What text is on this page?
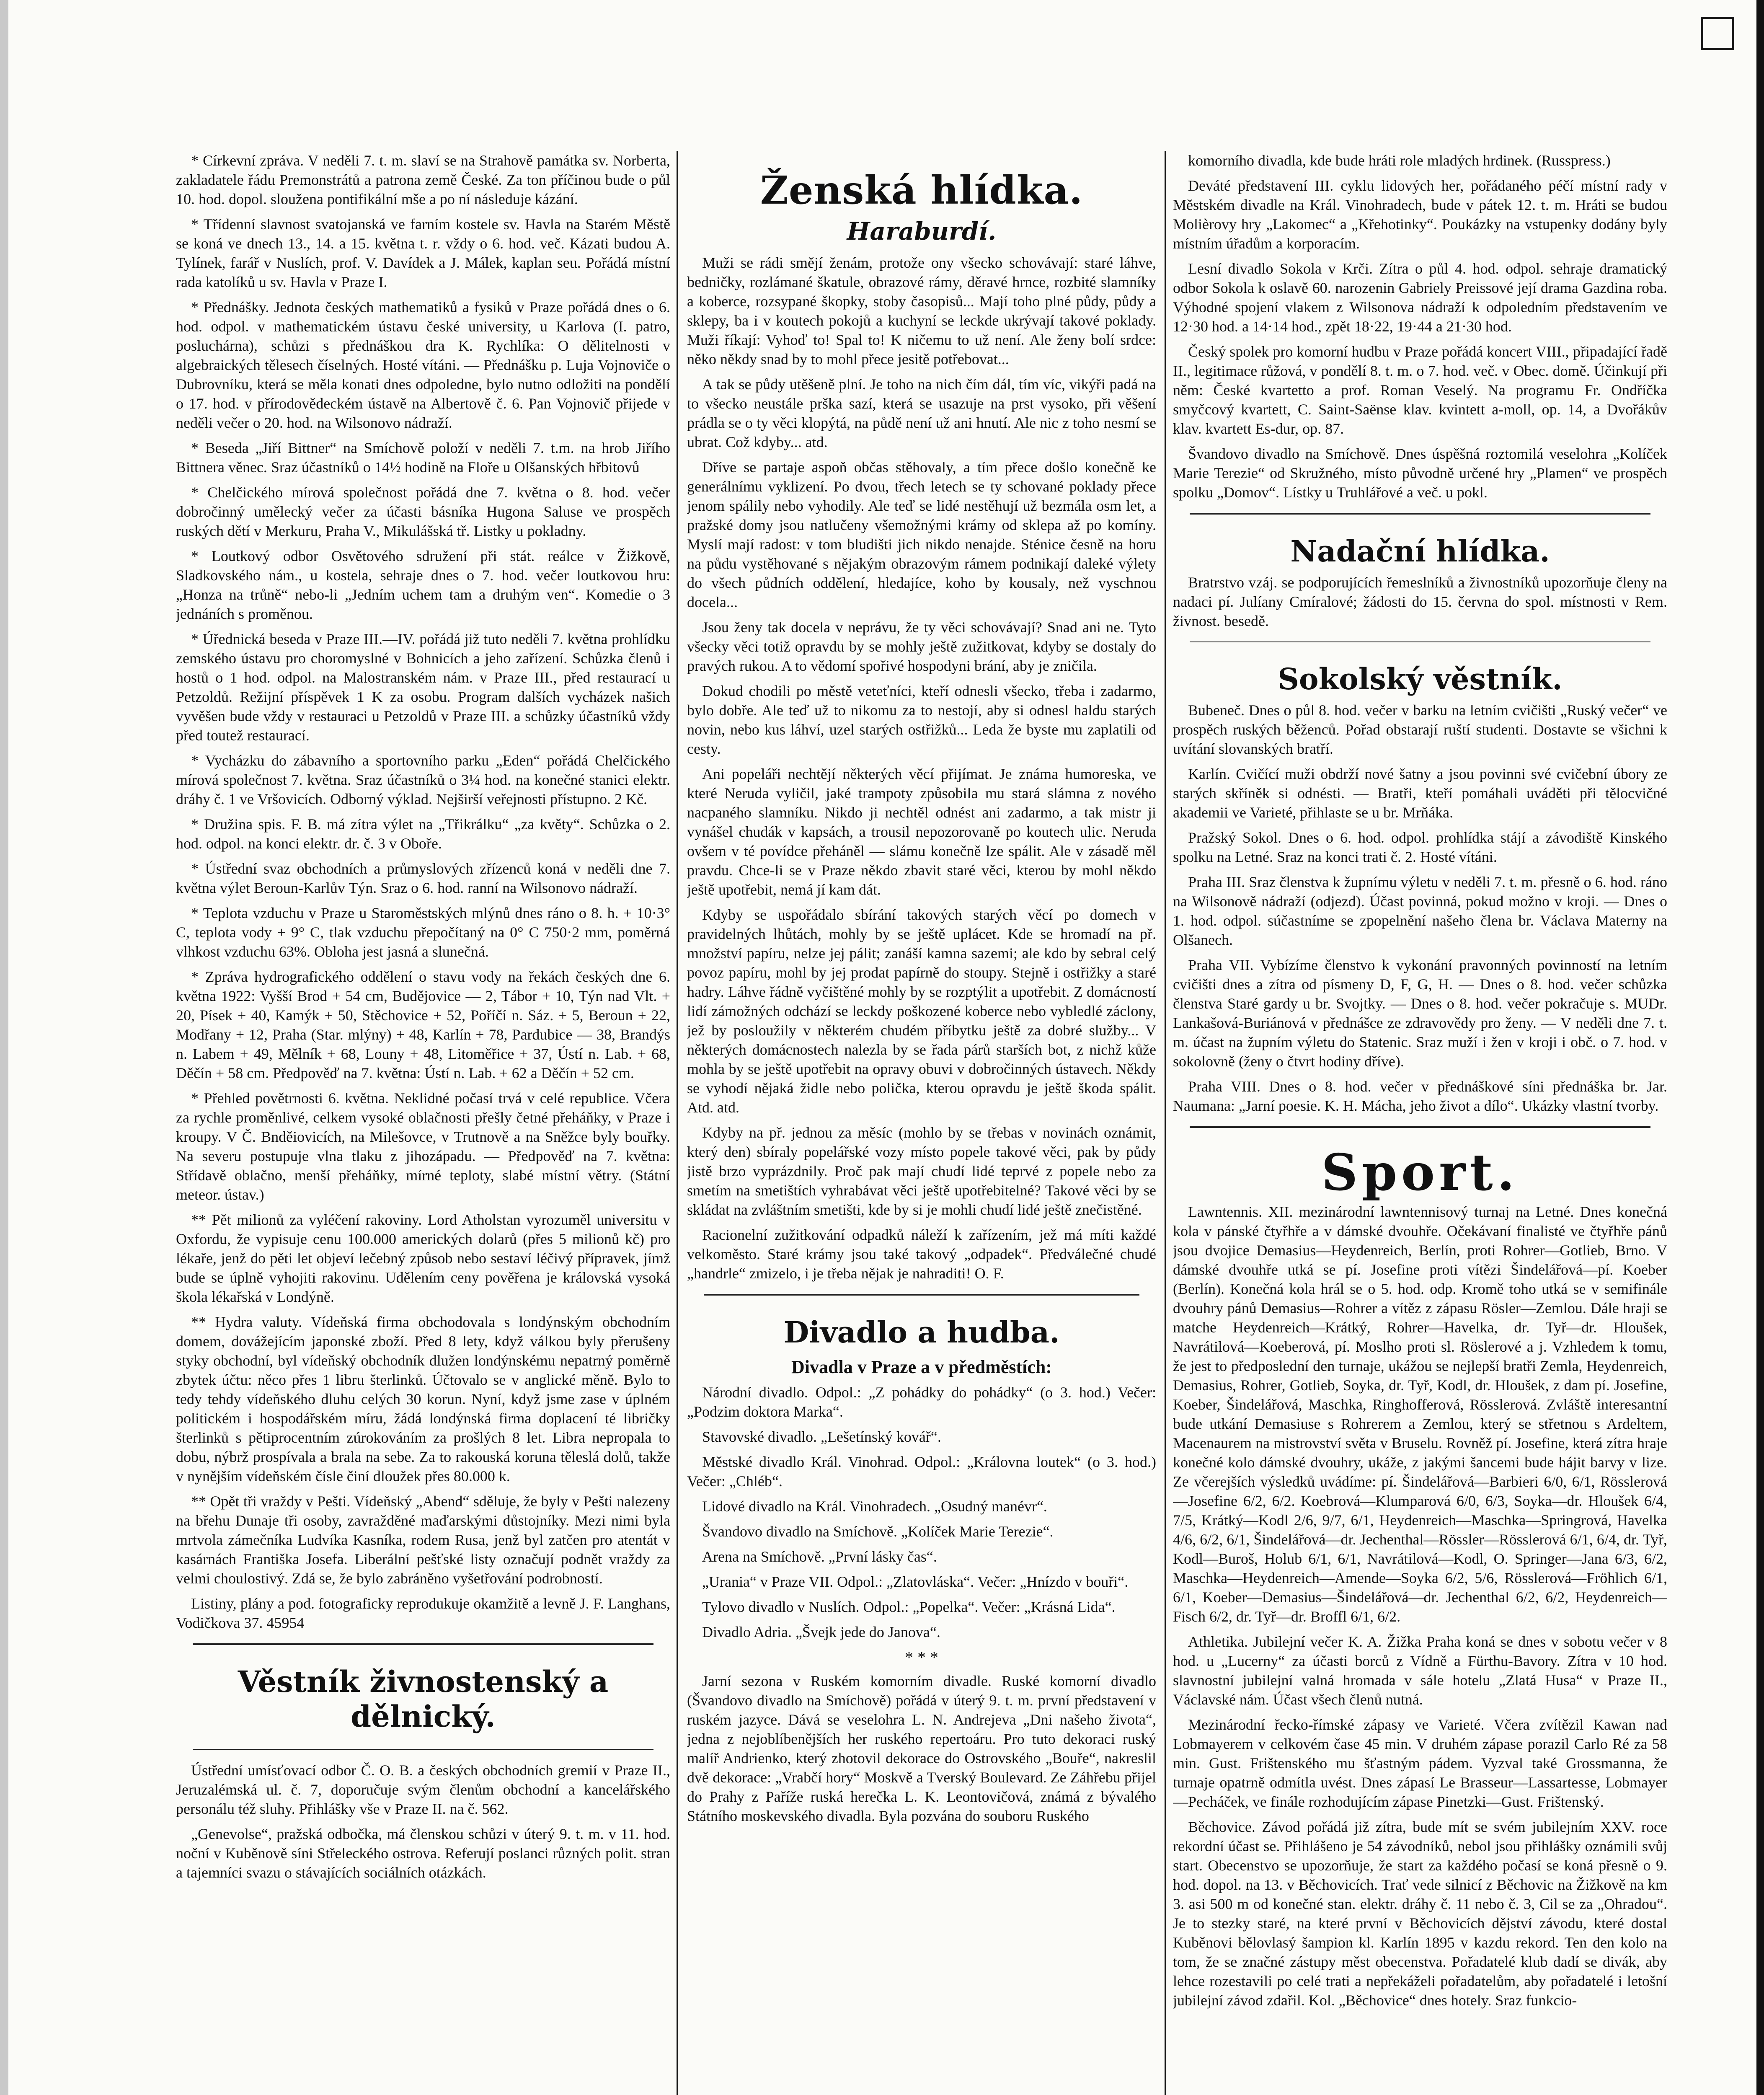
* Církevní zpráva. V neděli 7. t. m. slaví se na Strahově památka sv. Norberta, zakladatele řádu Premonstrátů a patrona země České. Za ton příčinou bude o půl 10. hod. dopol. sloužena pontifikální mše a po ní následuje kázání.

* Třídenní slavnost svatojanská ve farním kostele sv. Havla na Starém Městě se koná ve dnech 13., 14. a 15. května t. r. vždy o 6. hod. več. Kázati budou A. Tylínek, farář v Nuslích, prof. V. Davídek a J. Málek, kaplan seu. Pořádá místní rada katolíků u sv. Havla v Praze I.

* Přednášky. Jednota českých mathematiků a fysiků v Praze pořádá dnes o 6. hod. odpol. v mathematickém ústavu české university, u Karlova (I. patro, posluchárna), schůzi s přednáškou dra K. Rychlíka: O dělitelnosti v algebraických tělesech číselných. Hosté vítáni. — Přednášku p. Luja Vojnoviče o Dubrovníku, která se měla konati dnes odpoledne, bylo nutno odložiti na pondělí o 17. hod. v přírodovědeckém ústavě na Albertově č. 6. Pan Vojnovič přijede v neděli večer o 20. hod. na Wilsonovo nádraží.

* Beseda „Jiří Bittner“ na Smíchově položí v neděli 7. t.m. na hrob Jiřího Bittnera věnec. Sraz účastníků o 14½ hodině na Floře u Olšanských hřbitovů

* Chelčického mírová společnost pořádá dne 7. května o 8. hod. večer dobročinný umělecký večer za účasti básníka Hugona Saluse ve prospěch ruských dětí v Merkuru, Praha V., Mikulášská tř. Listky u pokladny.

* Loutkový odbor Osvětového sdružení při stát. reálce v Žižkově, Sladkovského nám., u kostela, sehraje dnes o 7. hod. večer loutkovou hru: „Honza na trůně“ nebo-li „Jedním uchem tam a druhým ven“. Komedie o 3 jednáních s proměnou.

* Úřednická beseda v Praze III.—IV. pořádá již tuto neděli 7. května prohlídku zemského ústavu pro choromyslné v Bohnicích a jeho zařízení. Schůzka členů i hostů o 1 hod. odpol. na Malostranském nám. v Praze III., před restaurací u Petzoldů. Režijní příspěvek 1 K za osobu. Program dalších vycházek našich vyvěšen bude vždy v restauraci u Petzoldů v Praze III. a schůzky účastníků vždy před toutež restaurací.

* Vycházku do zábavního a sportovního parku „Eden“ pořádá Chelčického mírová společnost 7. května. Sraz účastníků o 3¼ hod. na konečné stanici elektr. dráhy č. 1 ve Vršovicích. Odborný výklad. Nejširší veřejnosti přístupno. 2 Kč.

* Družina spis. F. B. má zítra výlet na „Třikrálku“ „za květy“. Schůzka o 2. hod. odpol. na konci elektr. dr. č. 3 v Oboře.

* Ústřední svaz obchodních a průmyslových zřízenců koná v neděli dne 7. května výlet Beroun-Karlův Týn. Sraz o 6. hod. ranní na Wilsonovo nádraží.

* Teplota vzduchu v Praze u Staroměstských mlýnů dnes ráno o 8. h. + 10·3° C, teplota vody + 9° C, tlak vzduchu přepočítaný na 0° C 750·2 mm, poměrná vlhkost vzduchu 63%. Obloha jest jasná a slunečná.

* Zpráva hydrografického oddělení o stavu vody na řekách českých dne 6. května 1922: Vyšší Brod + 54 cm, Budějovice — 2, Tábor + 10, Týn nad Vlt. + 20, Písek + 40, Kamýk + 50, Stěchovice + 52, Poříčí n. Sáz. + 5, Beroun + 22, Modřany + 12, Praha (Star. mlýny) + 48, Karlín + 78, Pardubice — 38, Brandýs n. Labem + 49, Mělník + 68, Louny + 48, Litoměřice + 37, Ústí n. Lab. + 68, Děčín + 58 cm. Předpověď na 7. května: Ústí n. Lab. + 62 a Děčín + 52 cm.

* Přehled povětrnosti 6. května. Neklidné počasí trvá v celé republice. Včera za rychle proměnlivé, celkem vysoké oblačnosti přešly četné přeháňky, v Praze i kroupy. V Č. Bnděiovicích, na Milešovce, v Trutnově a na Sněžce byly bouřky. Na severu postupuje vlna tlaku z jihozápadu. — Předpověď na 7. května: Střídavě oblačno, menší přeháňky, mírné teploty, slabé místní větry. (Státní meteor. ústav.)

** Pět milionů za vyléčení rakoviny. Lord Atholstan vyrozuměl universitu v Oxfordu, že vypisuje cenu 100.000 amerických dolarů (přes 5 milionů kč) pro lékaře, jenž do pěti let objeví lečebný způsob nebo sestaví léčivý přípravek, jímž bude se úplně vyhojiti rakovinu. Udělením ceny pověřena je královská vysoká škola lékařská v Londýně.

** Hydra valuty. Vídeňská firma obchodovala s londýnským obchodním domem, dovážejícím japonské zboží. Před 8 lety, když válkou byly přerušeny styky obchodní, byl vídeňský obchodník dlužen londýnskému nepatrný poměrně zbytek účtu: něco přes 1 libru šterlinků. Účtovalo se v anglické měně. Bylo to tedy tehdy vídeňského dluhu celých 30 korun. Nyní, když jsme zase v úplném politickém i hospodářském míru, žádá londýnská firma doplacení té libričky šterlinků s pětiprocentním zúrokováním za prošlých 8 let. Libra nepropala to dobu, nýbrž prospívala a brala na sebe. Za to rakouská koruna těleslá dolů, takže v nynějším vídeňském čísle činí dloužek přes 80.000 k.

** Opět tři vraždy v Pešti. Vídeňský „Abend“ sděluje, že byly v Pešti nalezeny na břehu Dunaje tři osoby, zavražděné maďarskými důstojníky. Mezi nimi byla mrtvola zámečníka Ludvíka Kasníka, rodem Rusa, jenž byl zatčen pro atentát v kasárnách Františka Josefa. Liberální pešťské listy označují podnět vraždy za velmi choulostivý. Zdá se, že bylo zabráněno vyšetřování podrobností.

Listiny, plány a pod. fotograficky reprodukuje okamžitě a levně J. F. Langhans, Vodičkova 37. 45954

Věstník živnostenský a dělnický.

Ústřední umísťovací odbor Č. O. B. a českých obchodních gremií v Praze II., Jeruzalémská ul. č. 7, doporučuje svým členům obchodní a kancelářského personálu též sluhy. Přihlášky vše v Praze II. na č. 562.

„Genevolse“, pražská odbočka, má členskou schůzi v úterý 9. t. m. v 11. hod. noční v Kuběnově síni Střeleckého ostrova. Referují poslanci různých polit. stran a tajemníci svazu o stávajících sociálních otázkách.

Ženská hlídka.
Haraburdí.

Muži se rádi smějí ženám, protože ony všecko schovávají: staré láhve, bedničky, rozlámané škatule, obrazové rámy, děravé hrnce, rozbité slamníky a koberce, rozsypané škopky, stoby časopisů... Mají toho plné půdy, půdy a sklepy, ba i v koutech pokojů a kuchyní se leckde ukrývají takové poklady. Muži říkají: Vyhoď to! Spal to! K ničemu to už není. Ale ženy bolí srdce: něko někdy snad by to mohl přece jesitě potřebovat...

A tak se půdy utěšeně plní. Je toho na nich čím dál, tím víc, vikýři padá na to všecko neustále prška sazí, která se usazuje na prst vysoko, při věšení prádla se o ty věci klopýtá, na půdě není už ani hnutí. Ale nic z toho nesmí se ubrat. Což kdyby... atd.

Dříve se partaje aspoň občas stěhovaly, a tím přece došlo konečně ke generálnímu vyklizení. Po dvou, třech letech se ty schované poklady přece jenom spálily nebo vyhodily. Ale teď se lidé nestěhují už bezmála osm let, a pražské domy jsou natlučeny všemožnými krámy od sklepa až po komíny. Myslí mají radost: v tom bludišti jich nikdo nenajde. Sténice česně na horu na půdu vystěhované s nějakým obrazovým rámem podnikají daleké výlety do všech půdních oddělení, hledajíce, koho by kousaly, než vyschnou docela...

Jsou ženy tak docela v neprávu, že ty věci schovávají? Snad ani ne. Tyto všecky věci totiž opravdu by se mohly ještě zužitkovat, kdyby se dostaly do pravých rukou. A to vědomí spořivé hospodyni brání, aby je zničila.

Dokud chodili po městě veteťníci, kteří odnesli všecko, třeba i zadarmo, bylo dobře. Ale teď už to nikomu za to nestojí, aby si odnesl haldu starých novin, nebo kus láhví, uzel starých ostřižků... Leda že byste mu zaplatili od cesty.

Ani popeláři nechtějí některých věcí přijímat. Je známa humoreska, ve které Neruda vyličil, jaké trampoty způsobila mu stará slámna z nového nacpaného slamníku. Nikdo ji nechtěl odnést ani zadarmo, a tak mistr ji vynášel chudák v kapsách, a trousil nepozorovaně po koutech ulic. Neruda ovšem v té povídce přeháněl — slámu konečně lze spálit. Ale v zásadě měl pravdu. Chce-li se v Praze někdo zbavit staré věci, kterou by mohl někdo ještě upotřebit, nemá jí kam dát.

Kdyby se uspořádalo sbírání takových starých věcí po domech v pravidelných lhůtách, mohly by se ještě uplácet. Kde se hromadí na př. množství papíru, nelze jej pálit; zanáší kamna sazemi; ale kdo by sebral celý povoz papíru, mohl by jej prodat papírně do stoupy. Stejně i ostřižky a staré hadry. Láhve řádně vyčištěné mohly by se rozptýlit a upotřebit. Z domácností lidí zámožných odchází se leckdy poškozené koberce nebo vybledlé záclony, jež by posloužily v některém chudém příbytku ještě za dobré služby... V některých domácnostech nalezla by se řada párů starších bot, z nichž kůže mohla by se ještě upotřebit na opravy obuvi v dobročinných ústavech. Někdy se vyhodí nějaká židle nebo polička, kterou opravdu je ještě škoda spálit. Atd. atd.

Kdyby na př. jednou za měsíc (mohlo by se třebas v novinách oznámit, který den) sbíraly popelářské vozy místo popele takové věci, pak by půdy jistě brzo vyprázdnily. Proč pak mají chudí lidé teprvé z popele nebo za smetím na smetištích vyhrabávat věci ještě upotřebitelné? Takové věci by se skládat na zvláštním smetišti, kde by si je mohli chudí lidé ještě znečistěné.

Racionelní zužitkování odpadků náleží k zařízením, jež má míti každé velkoměsto. Staré krámy jsou také takový „odpadek“. Předválečné chudé „handrle“ zmizelo, i je třeba nějak je nahraditi! O. F.

Divadlo a hudba.
Divadla v Praze a v předměstích:

Národní divadlo. Odpol.: „Z pohádky do pohádky“ (o 3. hod.) Večer: „Podzim doktora Marka“.

Stavovské divadlo. „Lešetínský kovář“.

Městské divadlo Král. Vinohrad. Odpol.: „Královna loutek“ (o 3. hod.) Večer: „Chléb“.

Lidové divadlo na Král. Vinohradech. „Osudný manévr“.

Švandovo divadlo na Smíchově. „Kolíček Marie Terezie“.

Arena na Smíchově. „První lásky čas“.

„Urania“ v Praze VII. Odpol.: „Zlatovláska“. Večer: „Hnízdo v bouři“.

Tylovo divadlo v Nuslích. Odpol.: „Popelka“. Večer: „Krásná Lida“.

Divadlo Adria. „Švejk jede do Janova“.

* * *

Jarní sezona v Ruském komorním divadle. Ruské komorní divadlo (Švandovo divadlo na Smíchově) pořádá v úterý 9. t. m. první představení v ruském jazyce. Dává se veselohra L. N. Andrejeva „Dni našeho života“, jedna z nejoblíbenějších her ruského repertoáru. Pro tuto dekoraci ruský malíř Andrienko, který zhotovil dekorace do Ostrovského „Bouře“, nakreslil dvě dekorace: „Vrabčí hory“ Moskvě a Tverský Boulevard. Ze Záhřebu přijel do Prahy z Paříže ruská herečka L. K. Leontovičová, známá z bývalého Státního moskevského divadla. Byla pozvána do souboru Ruského

komorního divadla, kde bude hráti role mladých hrdinek. (Russpress.)

Deváté představení III. cyklu lidových her, pořádaného péčí místní rady v Městském divadle na Král. Vinohradech, bude v pátek 12. t. m. Hráti se budou Molièrovy hry „Lakomec“ a „Křehotinky“. Poukázky na vstupenky dodány byly místním úřadům a korporacím.

Lesní divadlo Sokola v Krči. Zítra o půl 4. hod. odpol. sehraje dramatický odbor Sokola k oslavě 60. narozenin Gabriely Preissové její drama Gazdina roba. Výhodné spojení vlakem z Wilsonova nádraží k odpoledním představením ve 12·30 hod. a 14·14 hod., zpět 18·22, 19·44 a 21·30 hod.

Český spolek pro komorní hudbu v Praze pořádá koncert VIII., připadající řadě II., legitimace růžová, v pondělí 8. t. m. o 7. hod. več. v Obec. domě. Účinkují při něm: České kvartetto a prof. Roman Veselý. Na programu Fr. Ondříčka smyčcový kvartett, C. Saint-Saënse klav. kvintett a-moll, op. 14, a Dvořákův klav. kvartett Es-dur, op. 87.

Švandovo divadlo na Smíchově. Dnes úspěšná roztomilá veselohra „Kolíček Marie Terezie“ od Skružného, místo původně určené hry „Plamen“ ve prospěch spolku „Domov“. Lístky u Truhlářové a več. u pokl.

Nadační hlídka.

Bratrstvo vzáj. se podporujících řemeslníků a živnostníků upozorňuje členy na nadaci pí. Julíany Cmíralové; žádosti do 15. června do spol. místnosti v Rem. živnost. besedě.

Sokolský věstník.

Bubeneč. Dnes o půl 8. hod. večer v barku na letním cvičišti „Ruský večer“ ve prospěch ruských běženců. Pořad obstarají ruští studenti. Dostavte se všichni k uvítání slovanských bratří.

Karlín. Cvičící muži obdrží nové šatny a jsou povinni své cvičební úbory ze starých skříněk si odnésti. — Bratři, kteří pomáhali uváděti při tělocvičné akademii ve Varieté, přihlaste se u br. Mrňáka.

Pražský Sokol. Dnes o 6. hod. odpol. prohlídka stájí a závodiště Kinského spolku na Letné. Sraz na konci trati č. 2. Hosté vítáni.

Praha III. Sraz členstva k župnímu výletu v neděli 7. t. m. přesně o 6. hod. ráno na Wilsonově nádraží (odjezd). Účast povinná, pokud možno v kroji. — Dnes o 1. hod. odpol. súčastníme se zpopelnění našeho člena br. Václava Materny na Olšanech.

Praha VII. Vybízíme členstvo k vykonání pravonných povinností na letním cvičišti dnes a zítra od písmeny D, F, G, H. — Dnes o 8. hod. večer schůzka členstva Staré gardy u br. Svojtky. — Dnes o 8. hod. večer pokračuje s. MUDr. Lankašová-Buriánová v přednášce ze zdravovědy pro ženy. — V neděli dne 7. t. m. účast na župním výletu do Statenic. Sraz muží i žen v kroji i obč. o 7. hod. v sokolovně (ženy o čtvrt hodiny dříve).

Praha VIII. Dnes o 8. hod. večer v přednáškové síni přednáška br. Jar. Naumana: „Jarní poesie. K. H. Mácha, jeho život a dílo“. Ukázky vlastní tvorby.

Sport.

Lawntennis. XII. mezinárodní lawntennisový turnaj na Letné. Dnes konečná kola v pánské čtyřhře a v dámské dvouhře. Očekávaní finalisté ve čtyřhře pánů jsou dvojice Demasius—Heydenreich, Berlín, proti Rohrer—Gotlieb, Brno. V dámské dvouhře utká se pí. Josefine proti vítězi Šindelářová—pí. Koeber (Berlín). Konečná kola hrál se o 5. hod. odp. Kromě toho utká se v semifinále dvouhry pánů Demasius—Rohrer a vítěz z zápasu Rösler—Zemlou. Dále hraji se matche Heydenreich—Krátký, Rohrer—Havelka, dr. Tyř—dr. Hloušek, Navrátilová—Koeberová, pí. Moslho proti sl. Röslerové a j. Vzhledem k tomu, že jest to předposlední den turnaje, ukážou se nejlepší bratři Zemla, Heydenreich, Demasius, Rohrer, Gotlieb, Soyka, dr. Tyř, Kodl, dr. Hloušek, z dam pí. Josefine, Koeber, Šindelářová, Maschka, Ringhofferová, Rösslerová. Zvláště interesantní bude utkání Demasiuse s Rohrerem a Zemlou, který se střetnou s Ardeltem, Macenaurem na mistrovství světa v Bruselu. Rovněž pí. Josefine, která zítra hraje konečné kolo dámské dvouhry, ukáže, z jakými šancemi bude hájit barvy v lize. Ze včerejších výsledků uvádíme: pí. Šindelářová—Barbieri 6/0, 6/1, Rösslerová—Josefine 6/2, 6/2. Koebrová—Klumparová 6/0, 6/3, Soyka—dr. Hloušek 6/4, 7/5, Krátký—Kodl 2/6, 9/7, 6/1, Heydenreich—Maschka—Springrová, Havelka 4/6, 6/2, 6/1, Šindelářová—dr. Jechenthal—Rössler—Rösslerová 6/1, 6/4, dr. Tyř, Kodl—Buroš, Holub 6/1, 6/1, Navrátilová—Kodl, O. Springer—Jana 6/3, 6/2, Maschka—Heydenreich—Amende—Soyka 6/2, 5/6, Rösslerová—Fröhlich 6/1, 6/1, Koeber—Demasius—Šindelářová—dr. Jechenthal 6/2, 6/2, Heydenreich—Fisch 6/2, dr. Tyř—dr. Broffl 6/1, 6/2.

Athletika. Jubilejní večer K. A. Žižka Praha koná se dnes v sobotu večer v 8 hod. u „Lucerny“ za účasti borců z Vídně a Fürthu-Bavory. Zítra v 10 hod. slavnostní jubilejní valná hromada v sále hotelu „Zlatá Husa“ v Praze II., Václavské nám. Účast všech členů nutná.

Mezinárodní řecko-římské zápasy ve Varieté. Včera zvítězil Kawan nad Lobmayerem v celkovém čase 45 min. V druhém zápase porazil Carlo Ré za 58 min. Gust. Frištenského mu šťastným pádem. Vyzval také Grossmanna, že turnaje opatrně odmítla uvést. Dnes zápasí Le Brasseur—Lassartesse, Lobmayer—Pecháček, ve finále rozhodujícím zápase Pinetzki—Gust. Frištenský.

Běchovice. Závod pořádá již zítra, bude mít se svém jubilejním XXV. roce rekordní účast se. Přihlášeno je 54 závodníků, nebol jsou přihlášky oznámili svůj start. Obecenstvo se upozorňuje, že start za každého počasí se koná přesně o 9. hod. dopol. na 13. v Běchovicích. Trať vede silnicí z Běchovic na Žižkově na km 3. asi 500 m od konečné stan. elektr. dráhy č. 11 nebo č. 3, Cil se za „Ohradou“. Je to stezky staré, na které první v Běchovicích dějství závodu, které dostal Kuběnovi bělovlasý šampion kl. Karlín 1895 v kazdu rekord. Ten den kolo na tom, že se značné zástupy měst obecenstva. Pořadatelé klub dadí se divák, aby lehce rozestavili po celé trati a nepřekáželi pořadatelům, aby pořadatelé i letošní jubilejní závod zdařil. Kol. „Běchovice“ dnes hotely. Sraz funkcio-
